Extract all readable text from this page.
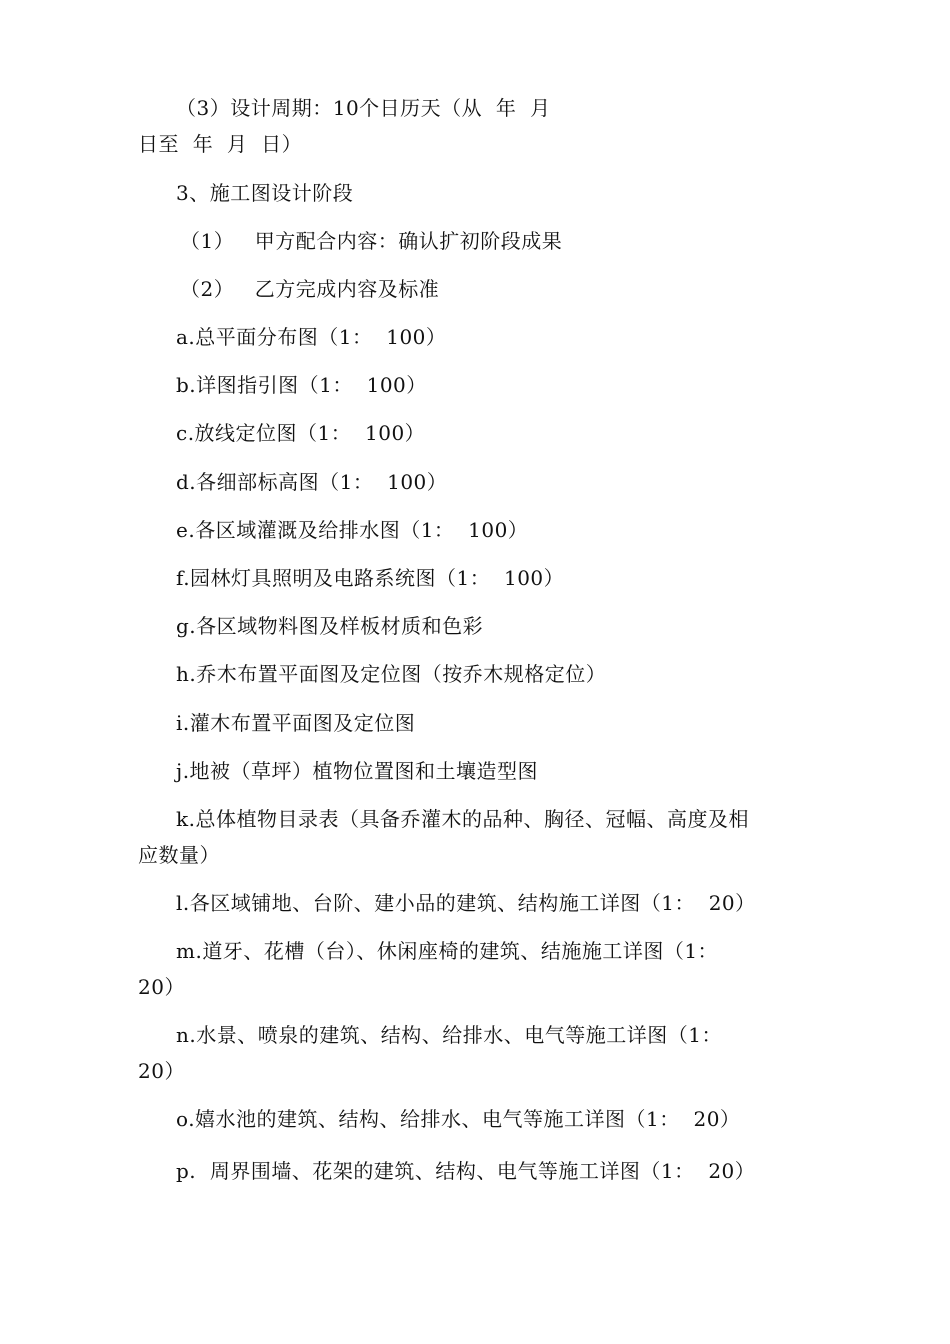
（3）设计周期：10个日历天（从  年  月
日至  年  月  日）
3、施工图设计阶段
（1）   甲方配合内容：确认扩初阶段成果
（2）   乙方完成内容及标准
a.总平面分布图（1：  100）
b.详图指引图（1：  100）
c.放线定位图（1：  100）
d.各细部标高图（1：  100）
e.各区域灌溉及给排水图（1：  100）
f.园林灯具照明及电路系统图（1：  100）
g.各区域物料图及样板材质和色彩
h.乔木布置平面图及定位图（按乔木规格定位）
i.灌木布置平面图及定位图
j.地被（草坪）植物位置图和土壤造型图
k.总体植物目录表（具备乔灌木的品种、胸径、冠幅、高度及相
应数量）
l.各区域铺地、台阶、建小品的建筑、结构施工详图（1：  20）
m.道牙、花槽（台）、休闲座椅的建筑、结施施工详图（1：
20）
n.水景、喷泉的建筑、结构、给排水、电气等施工详图（1：
20）
o.嬉水池的建筑、结构、给排水、电气等施工详图（1：  20）
p.  周界围墙、花架的建筑、结构、电气等施工详图（1：  20）
